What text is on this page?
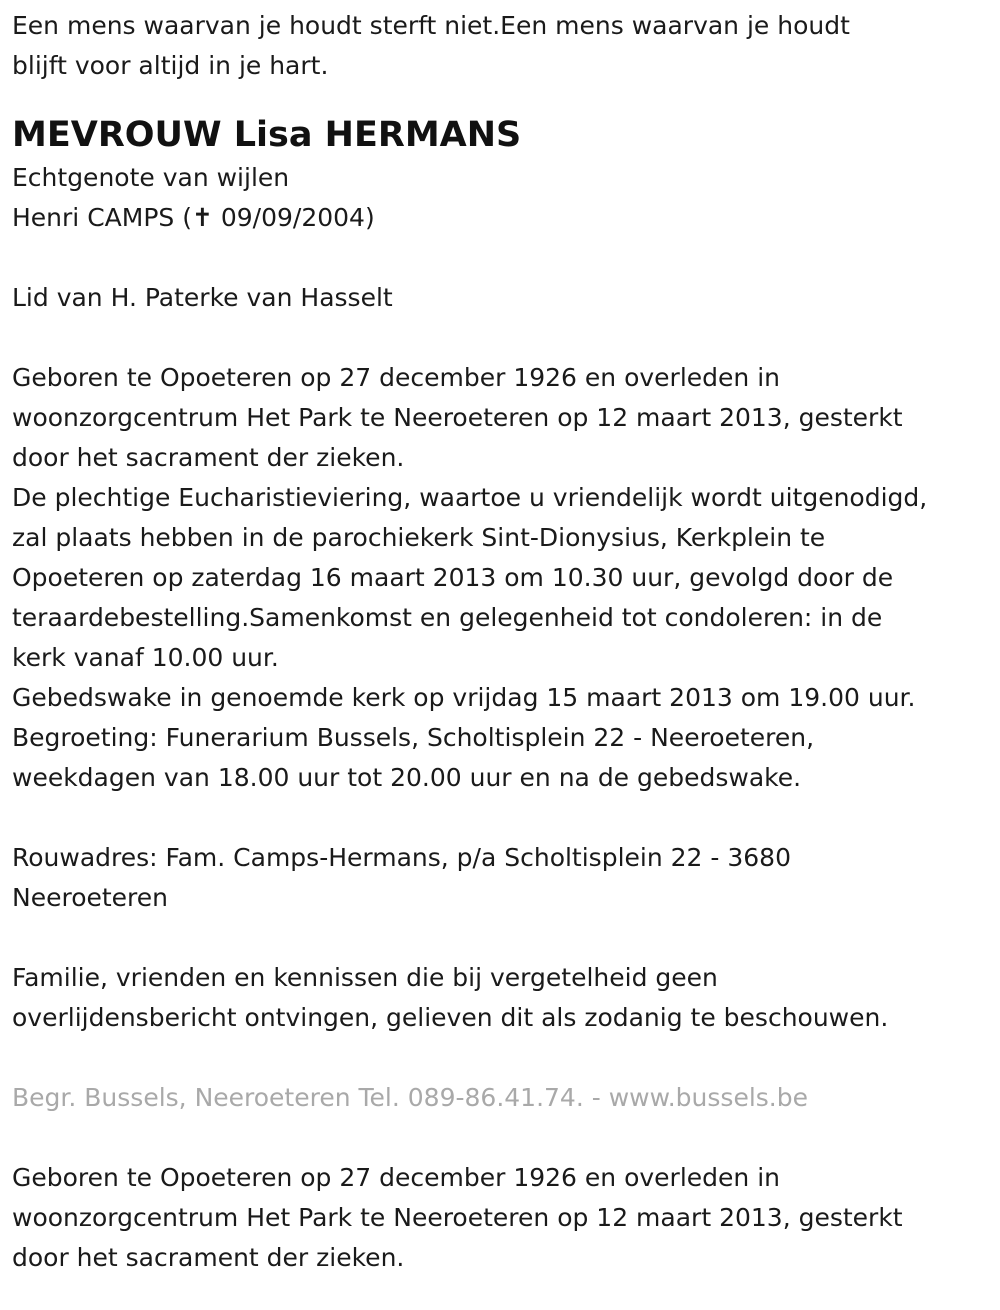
Een mens waarvan je houdt sterft niet.Een mens waarvan je houdt
blijft voor altijd in je hart.
MEVROUW Lisa HERMANS
Echtgenote van wijlen
Henri CAMPS (✝ 09/09/2004)
Lid van H. Paterke van Hasselt
Geboren te Opoeteren op 27 december 1926 en overleden in
woonzorgcentrum Het Park te Neeroeteren op 12 maart 2013, gesterkt
door het sacrament der zieken.
De plechtige Eucharistieviering, waartoe u vriendelijk wordt uitgenodigd,
zal plaats hebben in de parochiekerk Sint-Dionysius, Kerkplein te
Opoeteren op zaterdag 16 maart 2013 om 10.30 uur, gevolgd door de
teraardebestelling.Samenkomst en gelegenheid tot condoleren: in de
kerk vanaf 10.00 uur.
Gebedswake in genoemde kerk op vrijdag 15 maart 2013 om 19.00 uur.
Begroeting: Funerarium Bussels, Scholtisplein 22 - Neeroeteren,
weekdagen van 18.00 uur tot 20.00 uur en na de gebedswake.
Rouwadres: Fam. Camps-Hermans, p/a Scholtisplein 22 - 3680
Neeroeteren
Familie, vrienden en kennissen die bij vergetelheid geen
overlijdensbericht ontvingen, gelieven dit als zodanig te beschouwen.
Begr. Bussels, Neeroeteren Tel. 089-86.41.74. - www.bussels.be
Geboren te Opoeteren op 27 december 1926 en overleden in
woonzorgcentrum Het Park te Neeroeteren op 12 maart 2013, gesterkt
door het sacrament der zieken.
